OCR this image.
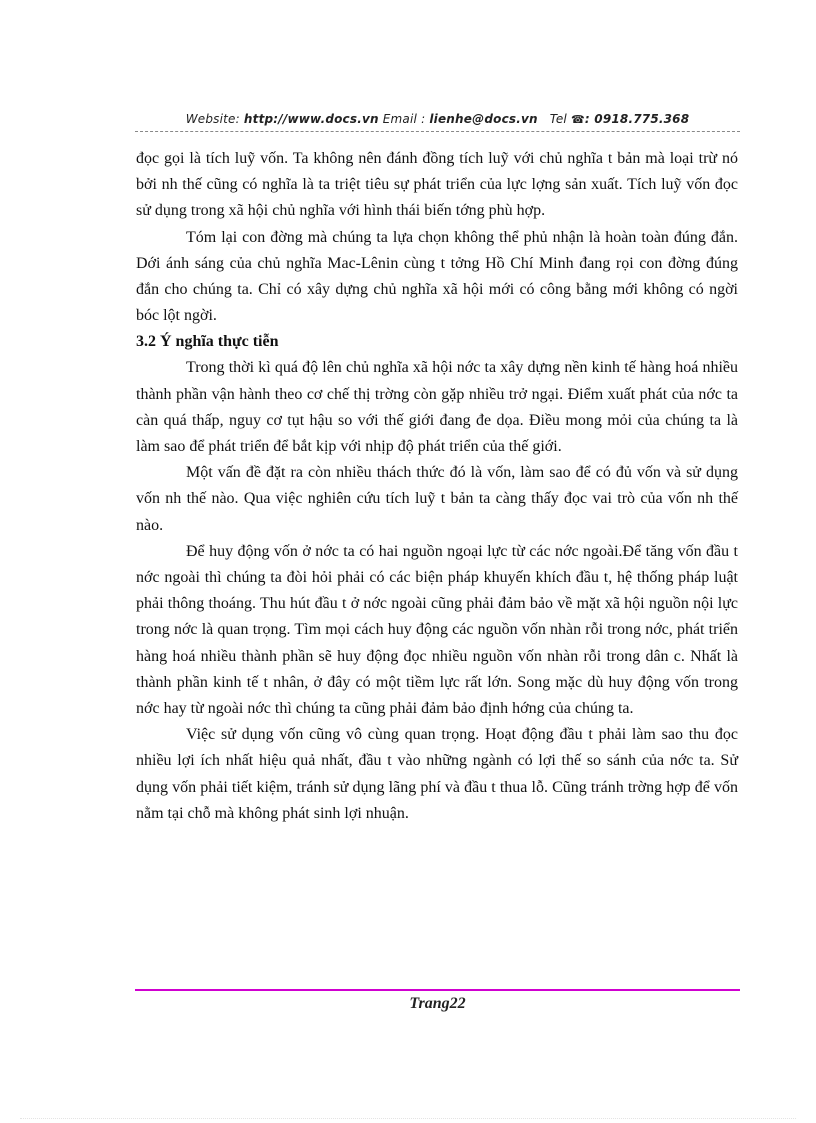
Website: http://www.docs.vn Email : lienhe@docs.vn Tel ☎: 0918.775.368

đọc gọi là tích luỹ vốn. Ta không nên đánh đồng tích luỹ với chủ nghĩa t bản mà loại trừ nó bởi nh thế cũng có nghĩa là ta triệt tiêu sự phát triển của lực lợng sản xuất. Tích luỹ vốn đọc sử dụng trong xã hội chủ nghĩa với hình thái biến tớng phù hợp.

Tóm lại con đờng mà chúng ta lựa chọn không thể phủ nhận là hoàn toàn đúng đắn. Dới ánh sáng của chủ nghĩa Mac-Lênin cùng t tởng Hồ Chí Minh đang rọi con đờng đúng đắn cho chúng ta. Chỉ có xây dựng chủ nghĩa xã hội mới có công bằng mới không có ngời bóc lột ngời.

3.2 Ý nghĩa thực tiễn

Trong thời kì quá độ lên chủ nghĩa xã hội nớc ta xây dựng nền kinh tế hàng hoá nhiều thành phần vận hành theo cơ chế thị trờng còn gặp nhiều trở ngại. Điểm xuất phát của nớc ta càn quá thấp, nguy cơ tụt hậu so với thế giới đang đe dọa. Điều mong mỏi của chúng ta là làm sao để phát triển để bắt kịp với nhịp độ phát triển của thế giới.

Một vấn đề đặt ra còn nhiều thách thức đó là vốn, làm sao để có đủ vốn và sử dụng vốn nh thế nào. Qua việc nghiên cứu tích luỹ t bản ta càng thấy đọc vai trò của vốn nh thế nào.

Để huy động vốn ở nớc ta có hai nguồn ngoại lực từ các nớc ngoài.Để tăng vốn đầu t nớc ngoài thì chúng ta đòi hỏi phải có các biện pháp khuyến khích đầu t, hệ thống pháp luật phải thông thoáng. Thu hút đầu t ở nớc ngoài cũng phải đảm bảo về mặt xã hội nguồn nội lực trong nớc là quan trọng. Tìm mọi cách huy động các nguồn vốn nhàn rỗi trong nớc, phát triển hàng hoá nhiều thành phần sẽ huy động đọc nhiều nguồn vốn nhàn rỗi trong dân c. Nhất là thành phần kinh tế t nhân, ở đây có một tiềm lực rất lớn. Song mặc dù huy động vốn trong nớc hay từ ngoài nớc thì chúng ta cũng phải đảm bảo định hớng của chúng ta.

Việc sử dụng vốn cũng vô cùng quan trọng. Hoạt động đầu t phải làm sao thu đọc nhiều lợi ích nhất hiệu quả nhất, đầu t vào những ngành có lợi thế so sánh của nớc ta. Sử dụng vốn phải tiết kiệm, tránh sử dụng lãng phí và đầu t thua lỗ. Cũng tránh trờng hợp để vốn nằm tại chỗ mà không phát sinh lợi nhuận.

Trang22
